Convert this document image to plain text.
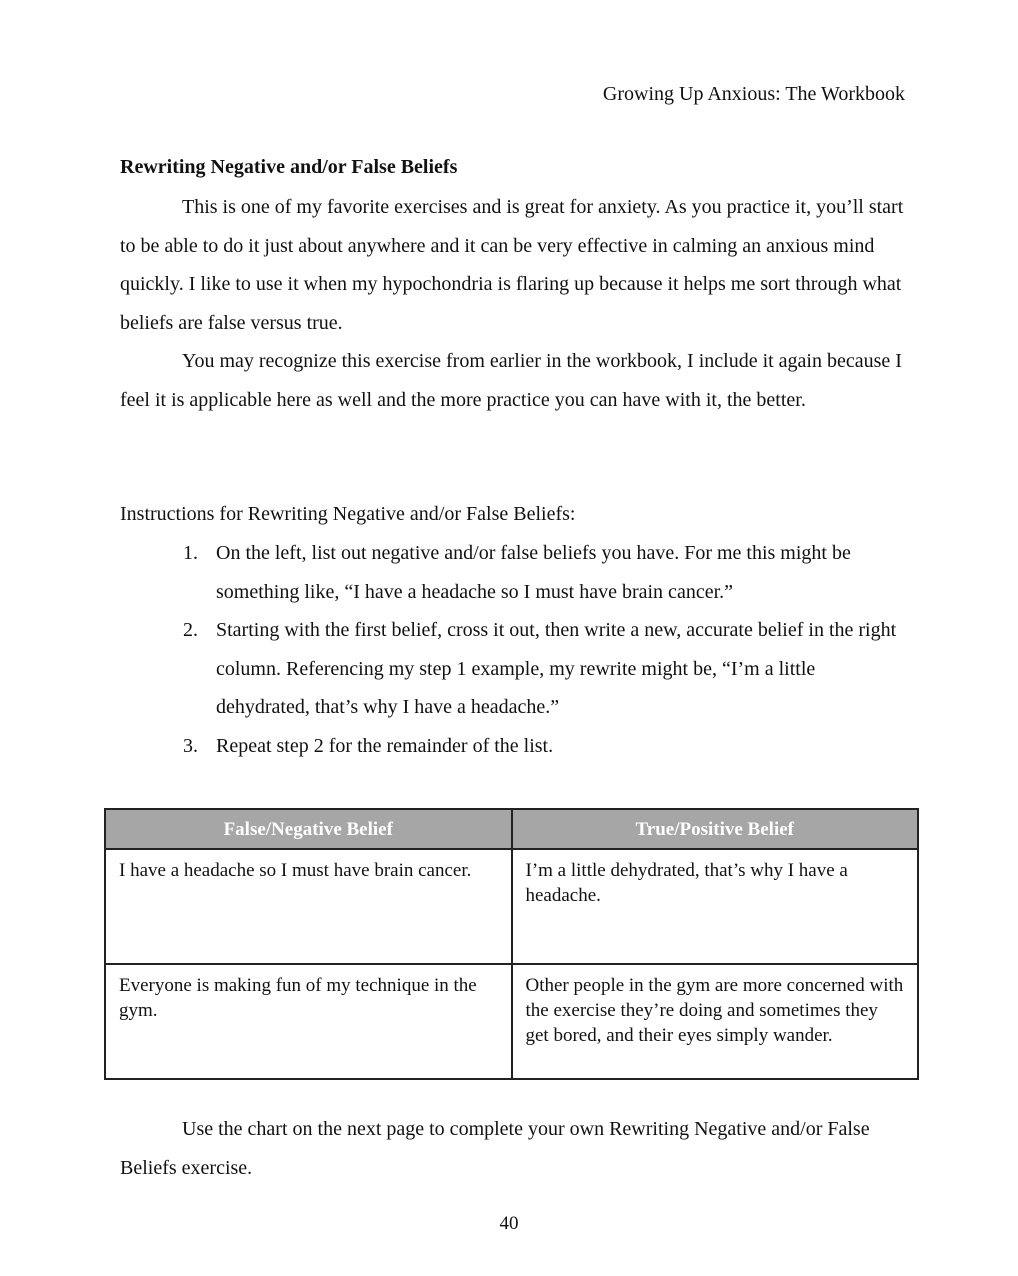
Growing Up Anxious: The Workbook
Rewriting Negative and/or False Beliefs

This is one of my favorite exercises and is great for anxiety. As you practice it, you’ll start to be able to do it just about anywhere and it can be very effective in calming an anxious mind quickly. I like to use it when my hypochondria is flaring up because it helps me sort through what beliefs are false versus true.

You may recognize this exercise from earlier in the workbook, I include it again because I feel it is applicable here as well and the more practice you can have with it, the better.

Instructions for Rewriting Negative and/or False Beliefs:
1. On the left, list out negative and/or false beliefs you have. For me this might be something like, “I have a headache so I must have brain cancer.”
2. Starting with the first belief, cross it out, then write a new, accurate belief in the right column. Referencing my step 1 example, my rewrite might be, “I’m a little dehydrated, that’s why I have a headache.”
3. Repeat step 2 for the remainder of the list.
False/Negative Belief	True/Positive Belief
I have a headache so I must have brain cancer.	I’m a little dehydrated, that’s why I have a headache.
Everyone is making fun of my technique in the gym.	Other people in the gym are more concerned with the exercise they’re doing and sometimes they get bored, and their eyes simply wander.

Use the chart on the next page to complete your own Rewriting Negative and/or False Beliefs exercise.

40
